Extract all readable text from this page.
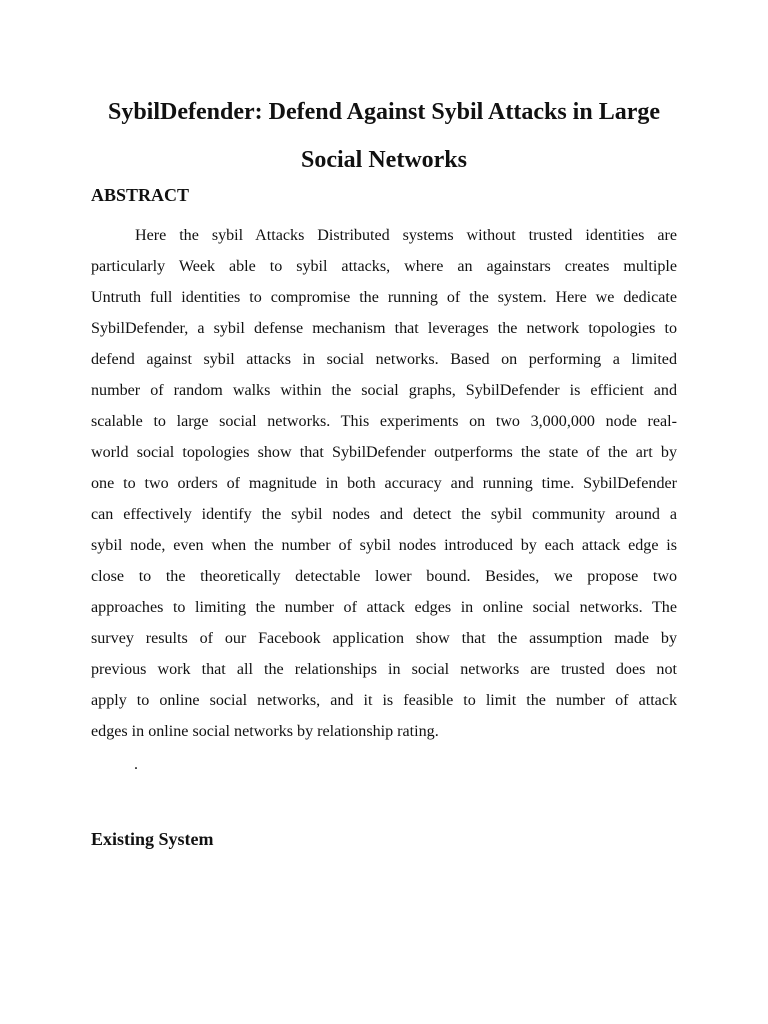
SybilDefender: Defend Against Sybil Attacks in Large
Social Networks
ABSTRACT

Here the sybil Attacks Distributed systems without trusted identities are
particularly Week able to sybil attacks, where an againstars creates multiple
Untruth full identities to compromise the running of the system. Here we dedicate
SybilDefender, a sybil defense mechanism that leverages the network topologies to
defend against sybil attacks in social networks. Based on performing a limited
number of random walks within the social graphs, SybilDefender is efficient and
scalable to large social networks. This experiments on two 3,000,000 node real-
world social topologies show that SybilDefender outperforms the state of the art by
one to two orders of magnitude in both accuracy and running time. SybilDefender
can effectively identify the sybil nodes and detect the sybil community around a
sybil node, even when the number of sybil nodes introduced by each attack edge is
close to the theoretically detectable lower bound. Besides, we propose two
approaches to limiting the number of attack edges in online social networks. The
survey results of our Facebook application show that the assumption made by
previous work that all the relationships in social networks are trusted does not
apply to online social networks, and it is feasible to limit the number of attack
edges in online social networks by relationship rating.

.
Existing System
